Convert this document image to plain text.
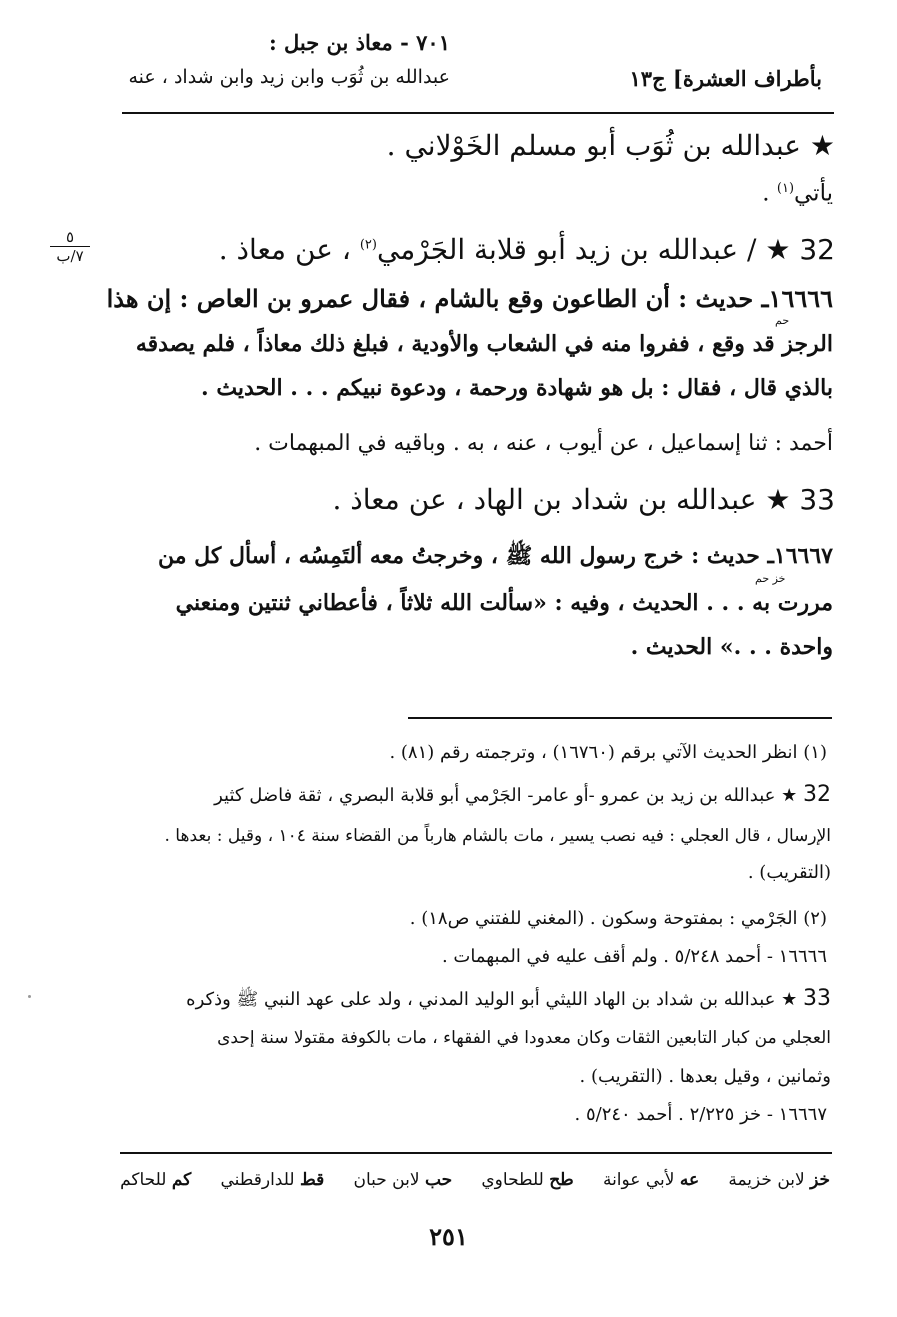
٧٠١ - معاذ بن جبل :
بأطراف العشرة] ج١٣
عبدالله بن ثُوَب وابن زيد وابن شداد ، عنه
٥
٧/ب
★ عبدالله بن ثُوَب أبو مسلم الخَوْلاني .
يأتي$^{(١)}$ .
32 ★ / عبدالله بن زيد أبو قلابة الجَرْمي$^{(٢)}$ ، عن معاذ .
١٦٦٦٦ـ حديث : أن الطاعون وقع بالشام ، فقال عمرو بن العاص : إن هذا
حم
الرجز قد وقع ، ففروا منه في الشعاب والأودية ، فبلغ ذلك معاذاً ، فلم يصدقه
بالذي قال ، فقال : بل هو شهادة ورحمة ، ودعوة نبيكم . . . الحديث .
أحمد : ثنا إسماعيل ، عن أيوب ، عنه ، به . وباقيه في المبهمات .
33 ★ عبدالله بن شداد بن الهاد ، عن معاذ .
١٦٦٦٧ـ حديث : خرج رسول الله ﷺ ، وخرجتُ معه ألتَمِسُه ، أسأل كل من
خز حم
مررت به . . . الحديث ، وفيه : «سألت الله ثلاثاً ، فأعطاني ثنتين ومنعني
واحدة . . .» الحديث .
(١) انظر الحديث الآتي برقم (١٦٧٦٠) ، وترجمته رقم (٨١) .
32 ★ عبدالله بن زيد بن عمرو -أو عامر- الجَرْمي أبو قلابة البصري ، ثقة فاضل كثير
الإرسال ، قال العجلي : فيه نصب يسير ، مات بالشام هارباً من القضاء سنة ١٠٤ ، وقيل : بعدها .
(التقريب) .
(٢) الجَرْمي : بمفتوحة وسكون . (المغني للفتني ص١٨) .
١٦٦٦٦ - أحمد ٥/٢٤٨ . ولم أقف عليه في المبهمات .
33 ★ عبدالله بن شداد بن الهاد الليثي أبو الوليد المدني ، ولد على عهد النبي ﷺ وذكره
العجلي من كبار التابعين الثقات وكان معدودا في الفقهاء ، مات بالكوفة مقتولا سنة إحدى
وثمانين ، وقيل بعدها . (التقريب) .
١٦٦٦٧ - خز ٢/٢٢٥ . أحمد ٥/٢٤٠ .
خز لابن خزيمة
عه لأبي عوانة
طح للطحاوي
حب لابن حبان
قط للدارقطني
كم للحاكم
٢٥١
